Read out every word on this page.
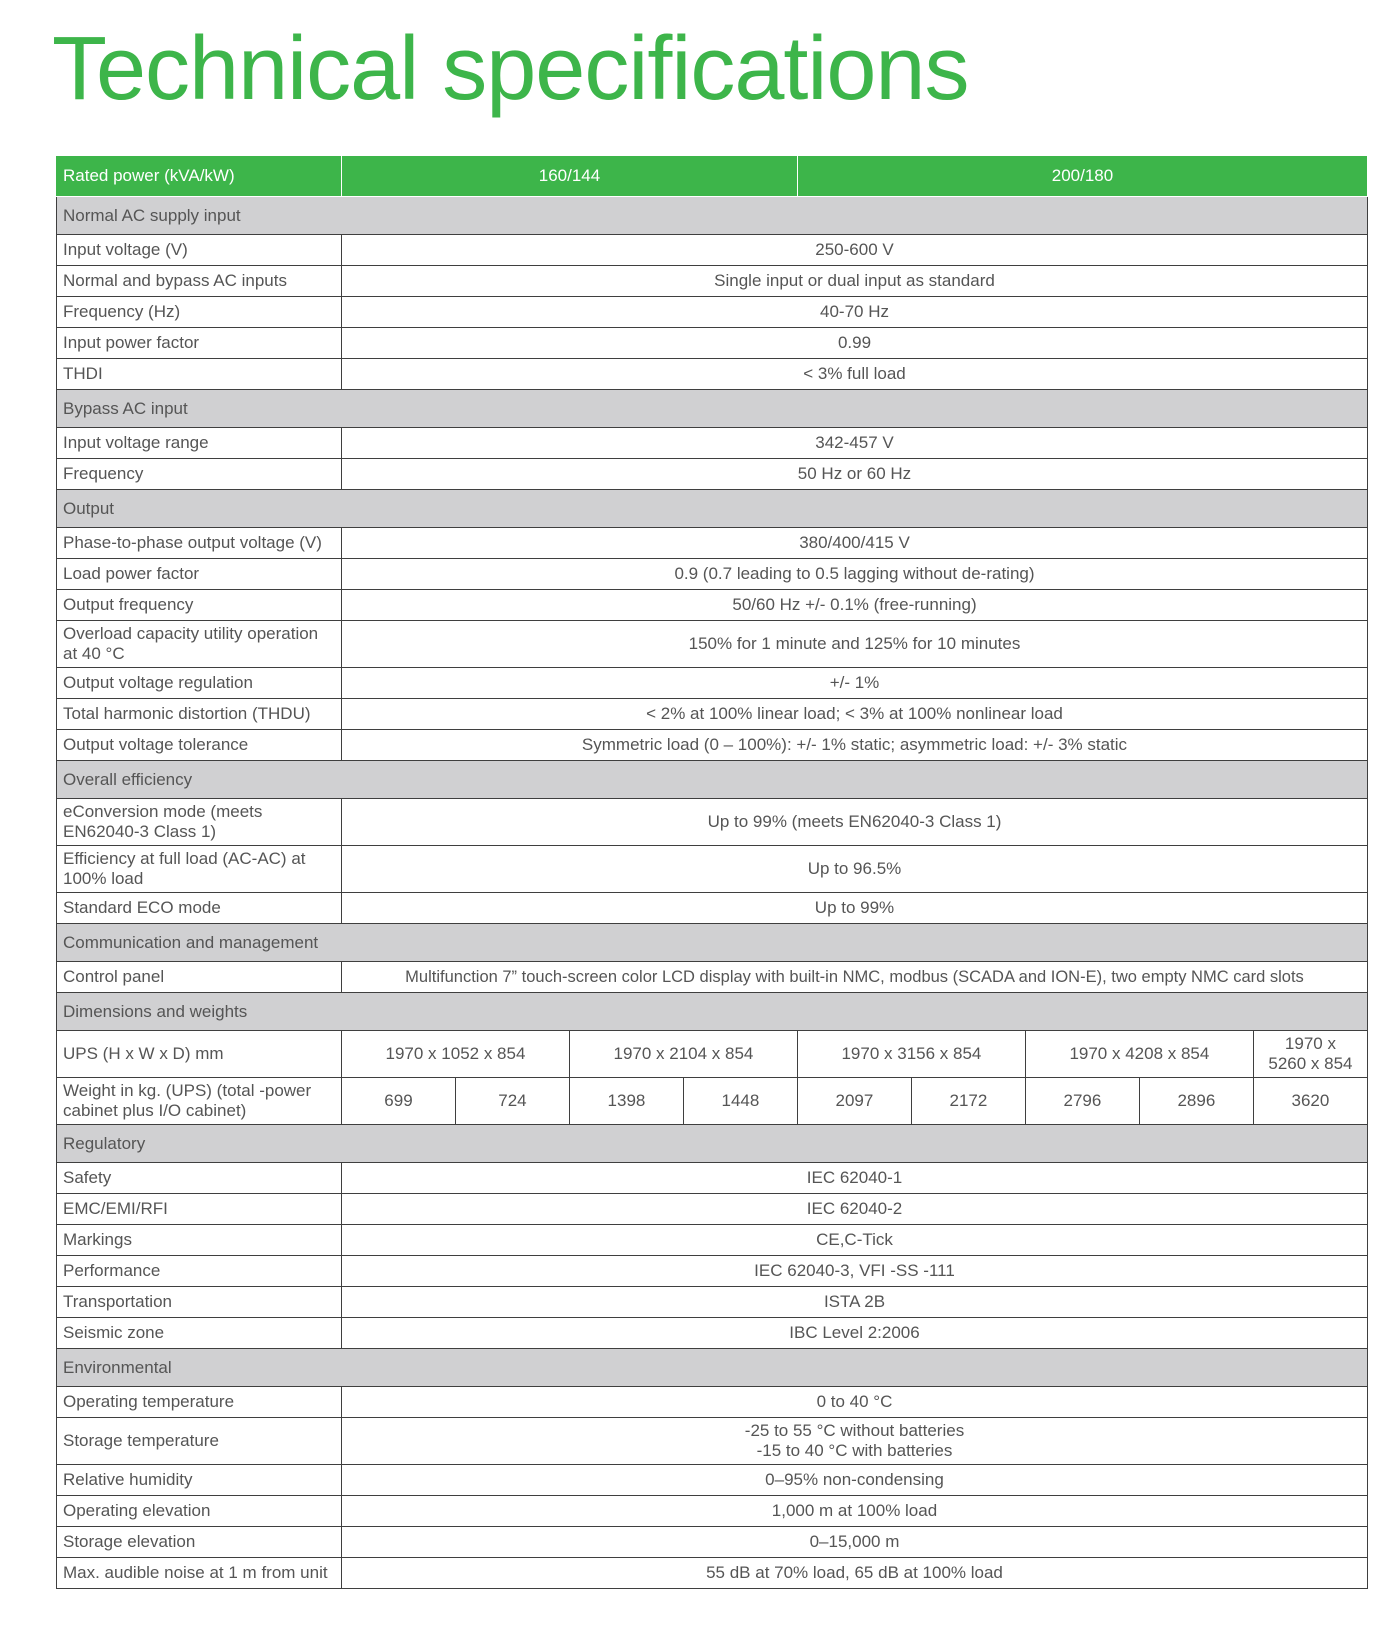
Technical specifications
Rated power (kVA/kW)	160/144				200/180				
Normal AC supply input									
Input voltage (V)	250-600 V								
Normal and bypass AC inputs	Single input or dual input as standard								
Frequency (Hz)	40-70 Hz								
Input power factor	0.99								
THDI	< 3% full load								
Bypass AC input									
Input voltage range	342-457 V								
Frequency	50 Hz or 60 Hz								
Output									
Phase-to-phase output voltage (V)	380/400/415 V								
Load power factor	0.9 (0.7 leading to 0.5 lagging without de-rating)								
Output frequency	50/60 Hz +/- 0.1% (free-running)								
Overload capacity utility operation at 40 °C	150% for 1 minute and 125% for 10 minutes								
Output voltage regulation	+/- 1%								
Total harmonic distortion (THDU)	< 2% at 100% linear load; < 3% at 100% nonlinear load								
Output voltage tolerance	Symmetric load (0 – 100%): +/- 1% static; asymmetric load: +/- 3% static								
Overall efficiency									
eConversion mode (meets EN62040-3 Class 1)	Up to 99% (meets EN62040-3 Class 1)								
Efficiency at full load (AC-AC) at 100% load	Up to 96.5%								
Standard ECO mode	Up to 99%								
Communication and management									
Control panel	Multifunction 7” touch-screen color LCD display with built-in NMC, modbus (SCADA and ION-E), two empty NMC card slots								
Dimensions and weights									
UPS (H x W x D) mm	1970 x 1052 x 854		1970 x 2104 x 854		1970 x 3156 x 854		1970 x 4208 x 854		1970 x 5260 x 854
Weight in kg. (UPS) (total -power cabinet plus I/O cabinet)	699	724	1398	1448	2097	2172	2796	2896	3620
Regulatory									
Safety	IEC 62040-1								
EMC/EMI/RFI	IEC 62040-2								
Markings	CE,C-Tick								
Performance	IEC 62040-3, VFI -SS -111								
Transportation	ISTA 2B								
Seismic zone	IBC Level 2:2006								
Environmental									
Operating temperature	0 to 40 °C								
Storage temperature	-25 to 55 °C without batteries
-15 to 40 °C with batteries								

Relative humidity	0–95% non-condensing								
Operating elevation	1,000 m at 100% load								
Storage elevation	0–15,000 m								
Max. audible noise at 1 m from unit	55 dB at 70% load, 65 dB at 100% load								
